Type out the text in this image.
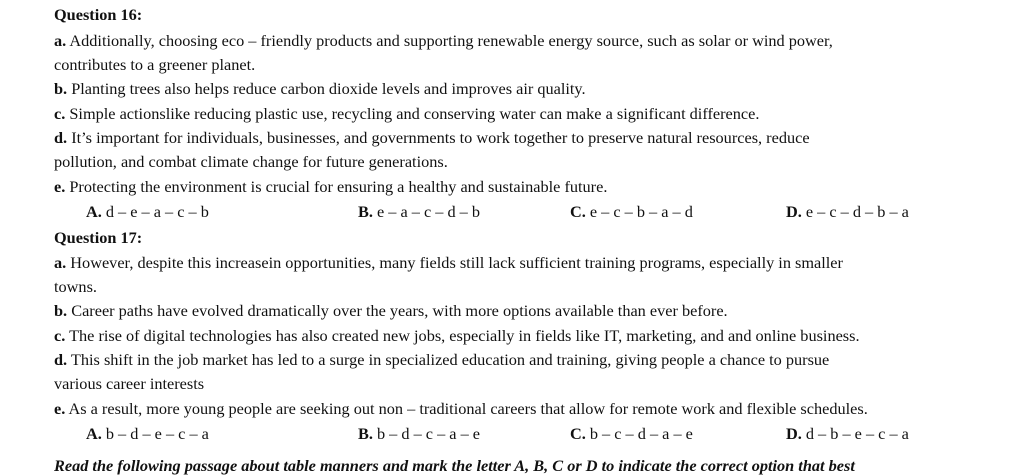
Question 16:
a. Additionally, choosing eco – friendly products and supporting renewable energy source, such as solar or wind power,
contributes to a greener planet.
b. Planting trees also helps reduce carbon dioxide levels and improves air quality.
c. Simple actionslike reducing plastic use, recycling and conserving water can make a significant difference.
d. It’s important for individuals, businesses, and governments to work together to preserve natural resources, reduce
pollution, and combat climate change for future generations.
e. Protecting the environment is crucial for ensuring a healthy and sustainable future.
A. d – e – a – c – b	B. e – a – c – d – b	C. e – c – b – a – d	D. e – c – d – b – a
Question 17:
a. However, despite this increasein opportunities, many fields still lack sufficient training programs, especially in smaller
towns.
b. Career paths have evolved dramatically over the years, with more options available than ever before.
c. The rise of digital technologies has also created new jobs, especially in fields like IT, marketing, and and online business.
d. This shift in the job market has led to a surge in specialized education and training, giving people a chance to pursue
various career interests
e. As a result, more young people are seeking out non – traditional careers that allow for remote work and flexible schedules.
A. b – d – e – c – a	B. b – d – c – a – e	C. b – c – d – a – e	D. d – b – e – c – a
Read the following passage about table manners and mark the letter A, B, C or D to indicate the correct option that best
